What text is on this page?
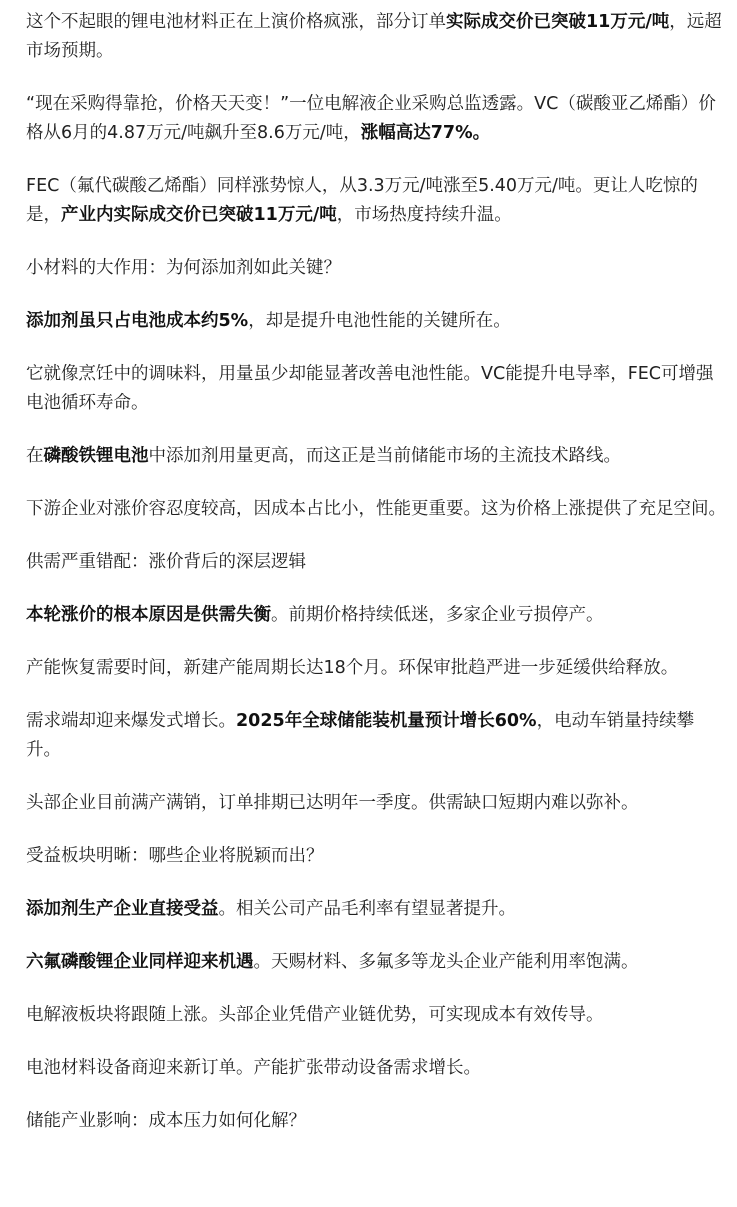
这个不起眼的锂电池材料正在上演价格疯涨，部分订单实际成交价已突破11万元/吨，远超市场预期。

“现在采购得靠抢，价格天天变！”一位电解液企业采购总监透露。VC（碳酸亚乙烯酯）价格从6月的4.87万元/吨飙升至8.6万元/吨，涨幅高达77%。

FEC（氟代碳酸乙烯酯）同样涨势惊人，从3.3万元/吨涨至5.40万元/吨。更让人吃惊的是，产业内实际成交价已突破11万元/吨，市场热度持续升温。

小材料的大作用：为何添加剂如此关键？

添加剂虽只占电池成本约5%，却是提升电池性能的关键所在。

它就像烹饪中的调味料，用量虽少却能显著改善电池性能。VC能提升电导率，FEC可增强电池循环寿命。

在磷酸铁锂电池中添加剂用量更高，而这正是当前储能市场的主流技术路线。

下游企业对涨价容忍度较高，因成本占比小，性能更重要。这为价格上涨提供了充足空间。

供需严重错配：涨价背后的深层逻辑

本轮涨价的根本原因是供需失衡。前期价格持续低迷，多家企业亏损停产。

产能恢复需要时间，新建产能周期长达18个月。环保审批趋严进一步延缓供给释放。

需求端却迎来爆发式增长。2025年全球储能装机量预计增长60%，电动车销量持续攀升。

头部企业目前满产满销，订单排期已达明年一季度。供需缺口短期内难以弥补。

受益板块明晰：哪些企业将脱颖而出？

添加剂生产企业直接受益。相关公司产品毛利率有望显著提升。

六氟磷酸锂企业同样迎来机遇。天赐材料、多氟多等龙头企业产能利用率饱满。

电解液板块将跟随上涨。头部企业凭借产业链优势，可实现成本有效传导。

电池材料设备商迎来新订单。产能扩张带动设备需求增长。

储能产业影响：成本压力如何化解？
